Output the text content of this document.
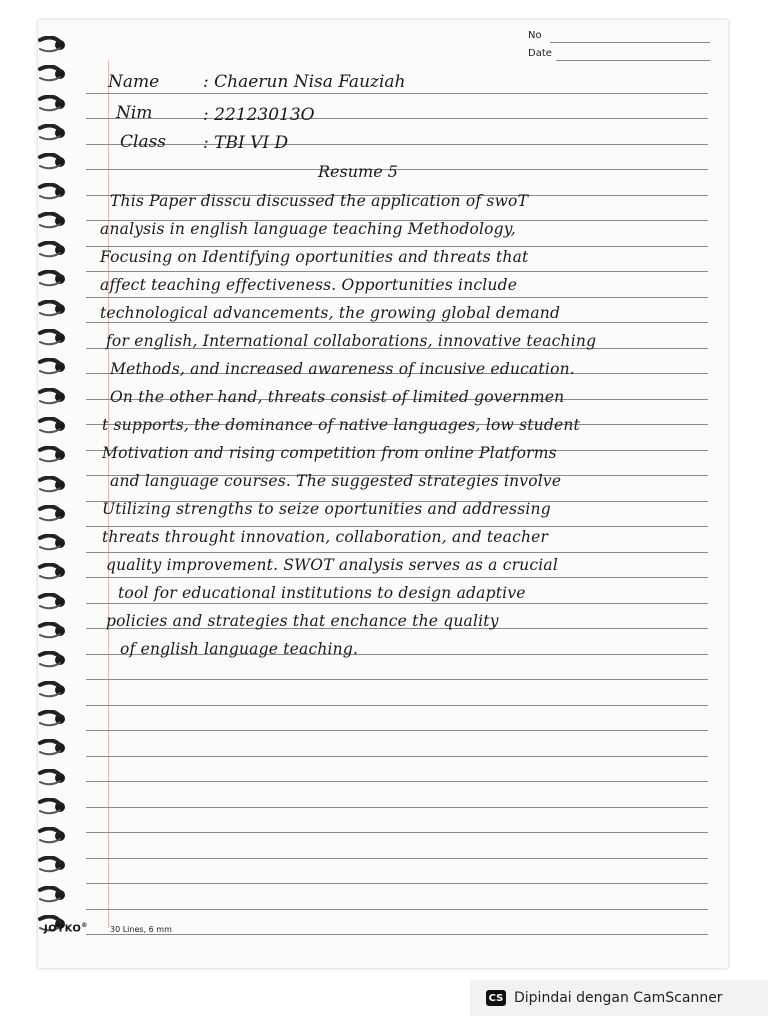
No
Date
Name	: Chaerun Nisa Fauziah
Nim	: 22123013O
Class : TBI VI D
Resume 5
This Paper disscu discussed the application of swoT
analysis in english language teaching Methodology,
Focusing on Identifying oportunities and threats that
affect teaching effectiveness. Opportunities include
technological advancements, the growing global demand
for english, International collaborations, innovative teaching
Methods, and increased awareness of incusive education.
On the other hand, threats consist of limited governmen
t supports, the dominance of native languages, low student
Motivation and rising competition from online Platforms
and language courses. The suggested strategies involve
Utilizing strengths to seize oportunities and addressing
threats throught innovation, collaboration, and teacher
quality improvement. SWOT analysis serves as a crucial
tool for educational institutions to design adaptive
policies and strategies that enchance the quality
of english language teaching.
JOYKO®	30 Lines, 6 mm
CS Dipindai dengan CamScanner
